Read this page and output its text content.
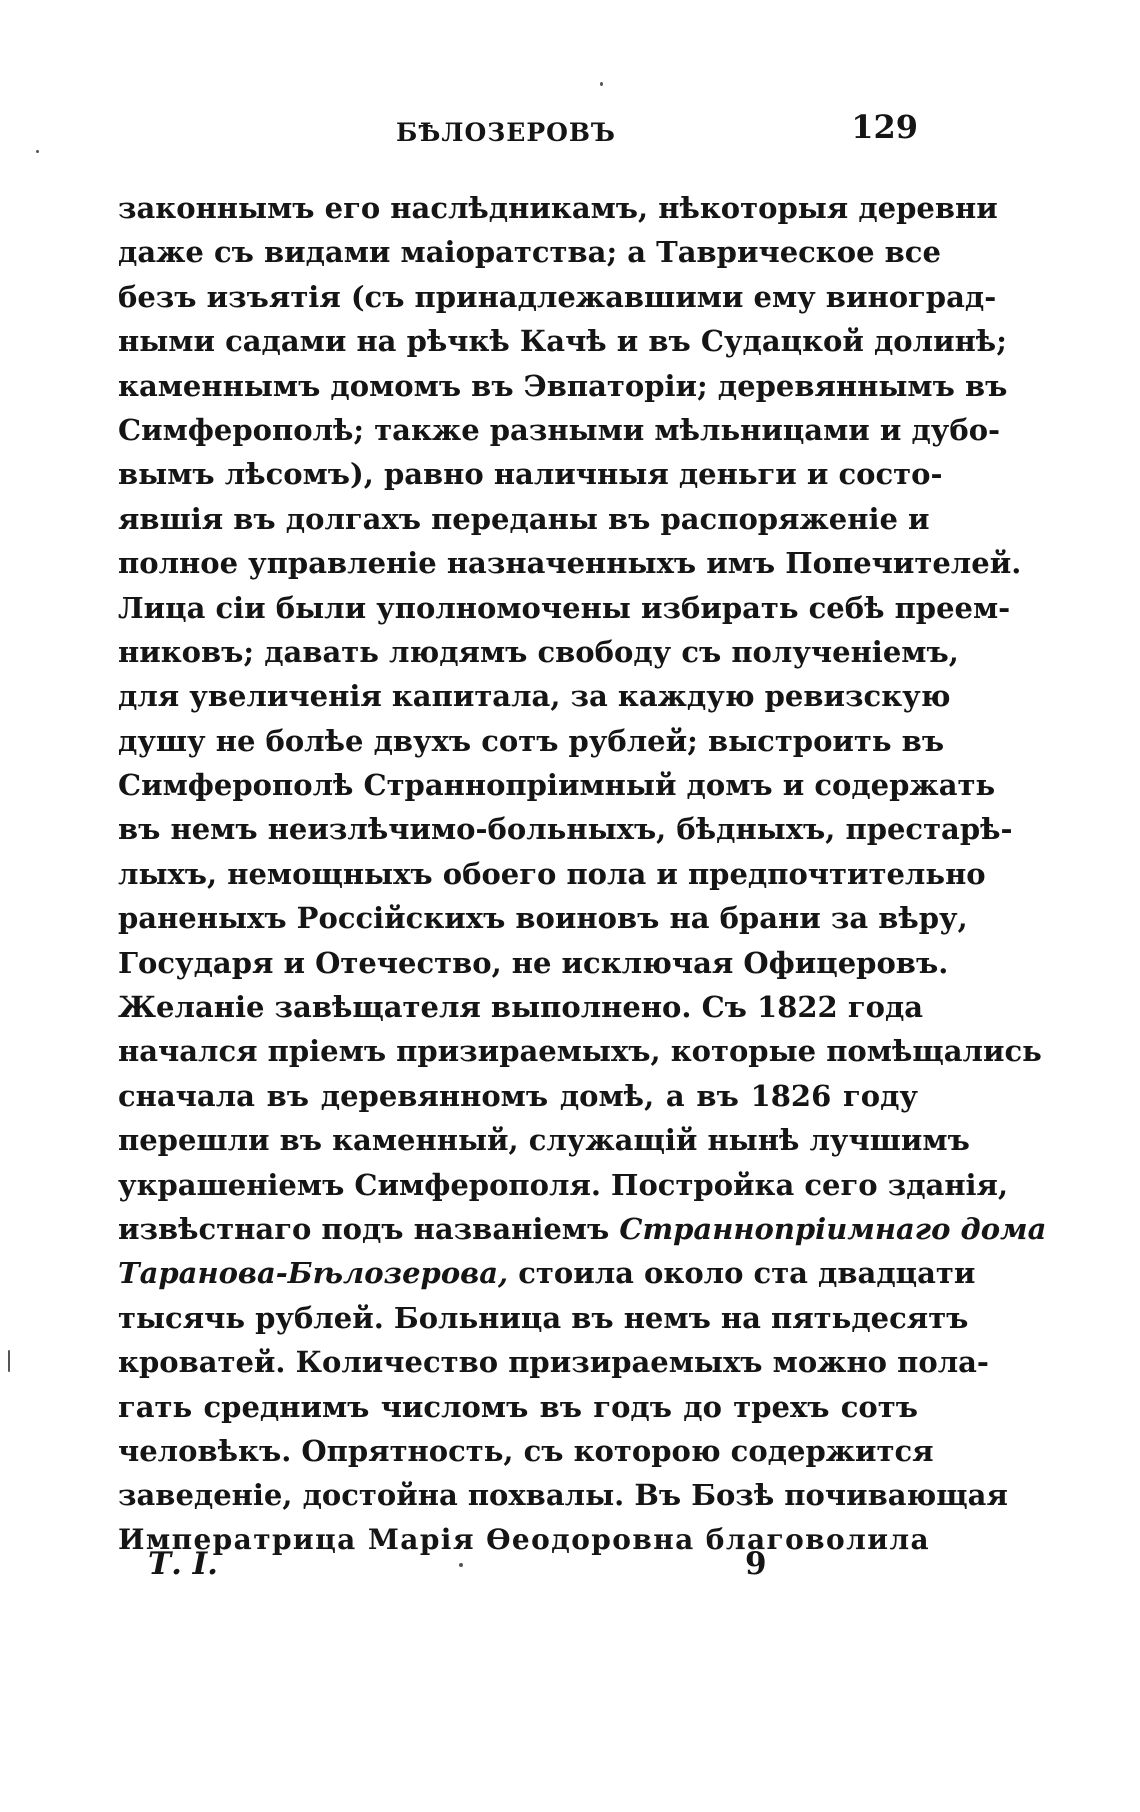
БѢЛОЗЕРОВЪ	129
законнымъ его наслѣдникамъ, нѣкоторыя деревни
даже съ видами маіоратства; а Таврическое все
безъ изъятія (съ принадлежавшими ему виноград-
ными садами на рѣчкѣ Качѣ и въ Судацкой долинѣ;
каменнымъ домомъ въ Эвпаторіи; деревяннымъ въ
Симферополѣ; также разными мѣльницами и дубо-
вымъ лѣсомъ), равно наличныя деньги и состо-
явшія въ долгахъ переданы въ распоряженіе и
полное управленіе назначенныхъ имъ Попечителей.
Лица сіи были уполномочены избирать себѣ преем-
никовъ; давать людямъ свободу съ полученіемъ,
для увеличенія капитала, за каждую ревизскую
душу не болѣе двухъ сотъ рублей; выстроить въ
Симферополѣ Страннопріимный домъ и содержать
въ немъ неизлѣчимо-больныхъ, бѣдныхъ, престарѣ-
лыхъ, немощныхъ обоего пола и предпочтительно
раненыхъ Россійскихъ воиновъ на брани за вѣру,
Государя и Отечество, не исключая Офицеровъ.
Желаніе завѣщателя выполнено. Съ 1822 года
начался пріемъ призираемыхъ, которые помѣщались
сначала въ деревянномъ домѣ, а въ 1826 году
перешли въ каменный, служащій нынѣ лучшимъ
украшеніемъ Симферополя. Постройка сего зданія,
извѣстнаго подъ названіемъ Страннопріимнаго дома
Таранова-Бѣлозерова, стоила около ста двадцати
тысячь рублей. Больница въ немъ на пятьдесятъ
кроватей. Количество призираемыхъ можно пола-
гать среднимъ числомъ въ годъ до трехъ сотъ
человѣкъ. Опрятность, съ которою содержится
заведеніе, достойна похвалы. Въ Бозѣ почивающая
Императрица Марія Ѳеодоровна благоволила
Т. I.	9
